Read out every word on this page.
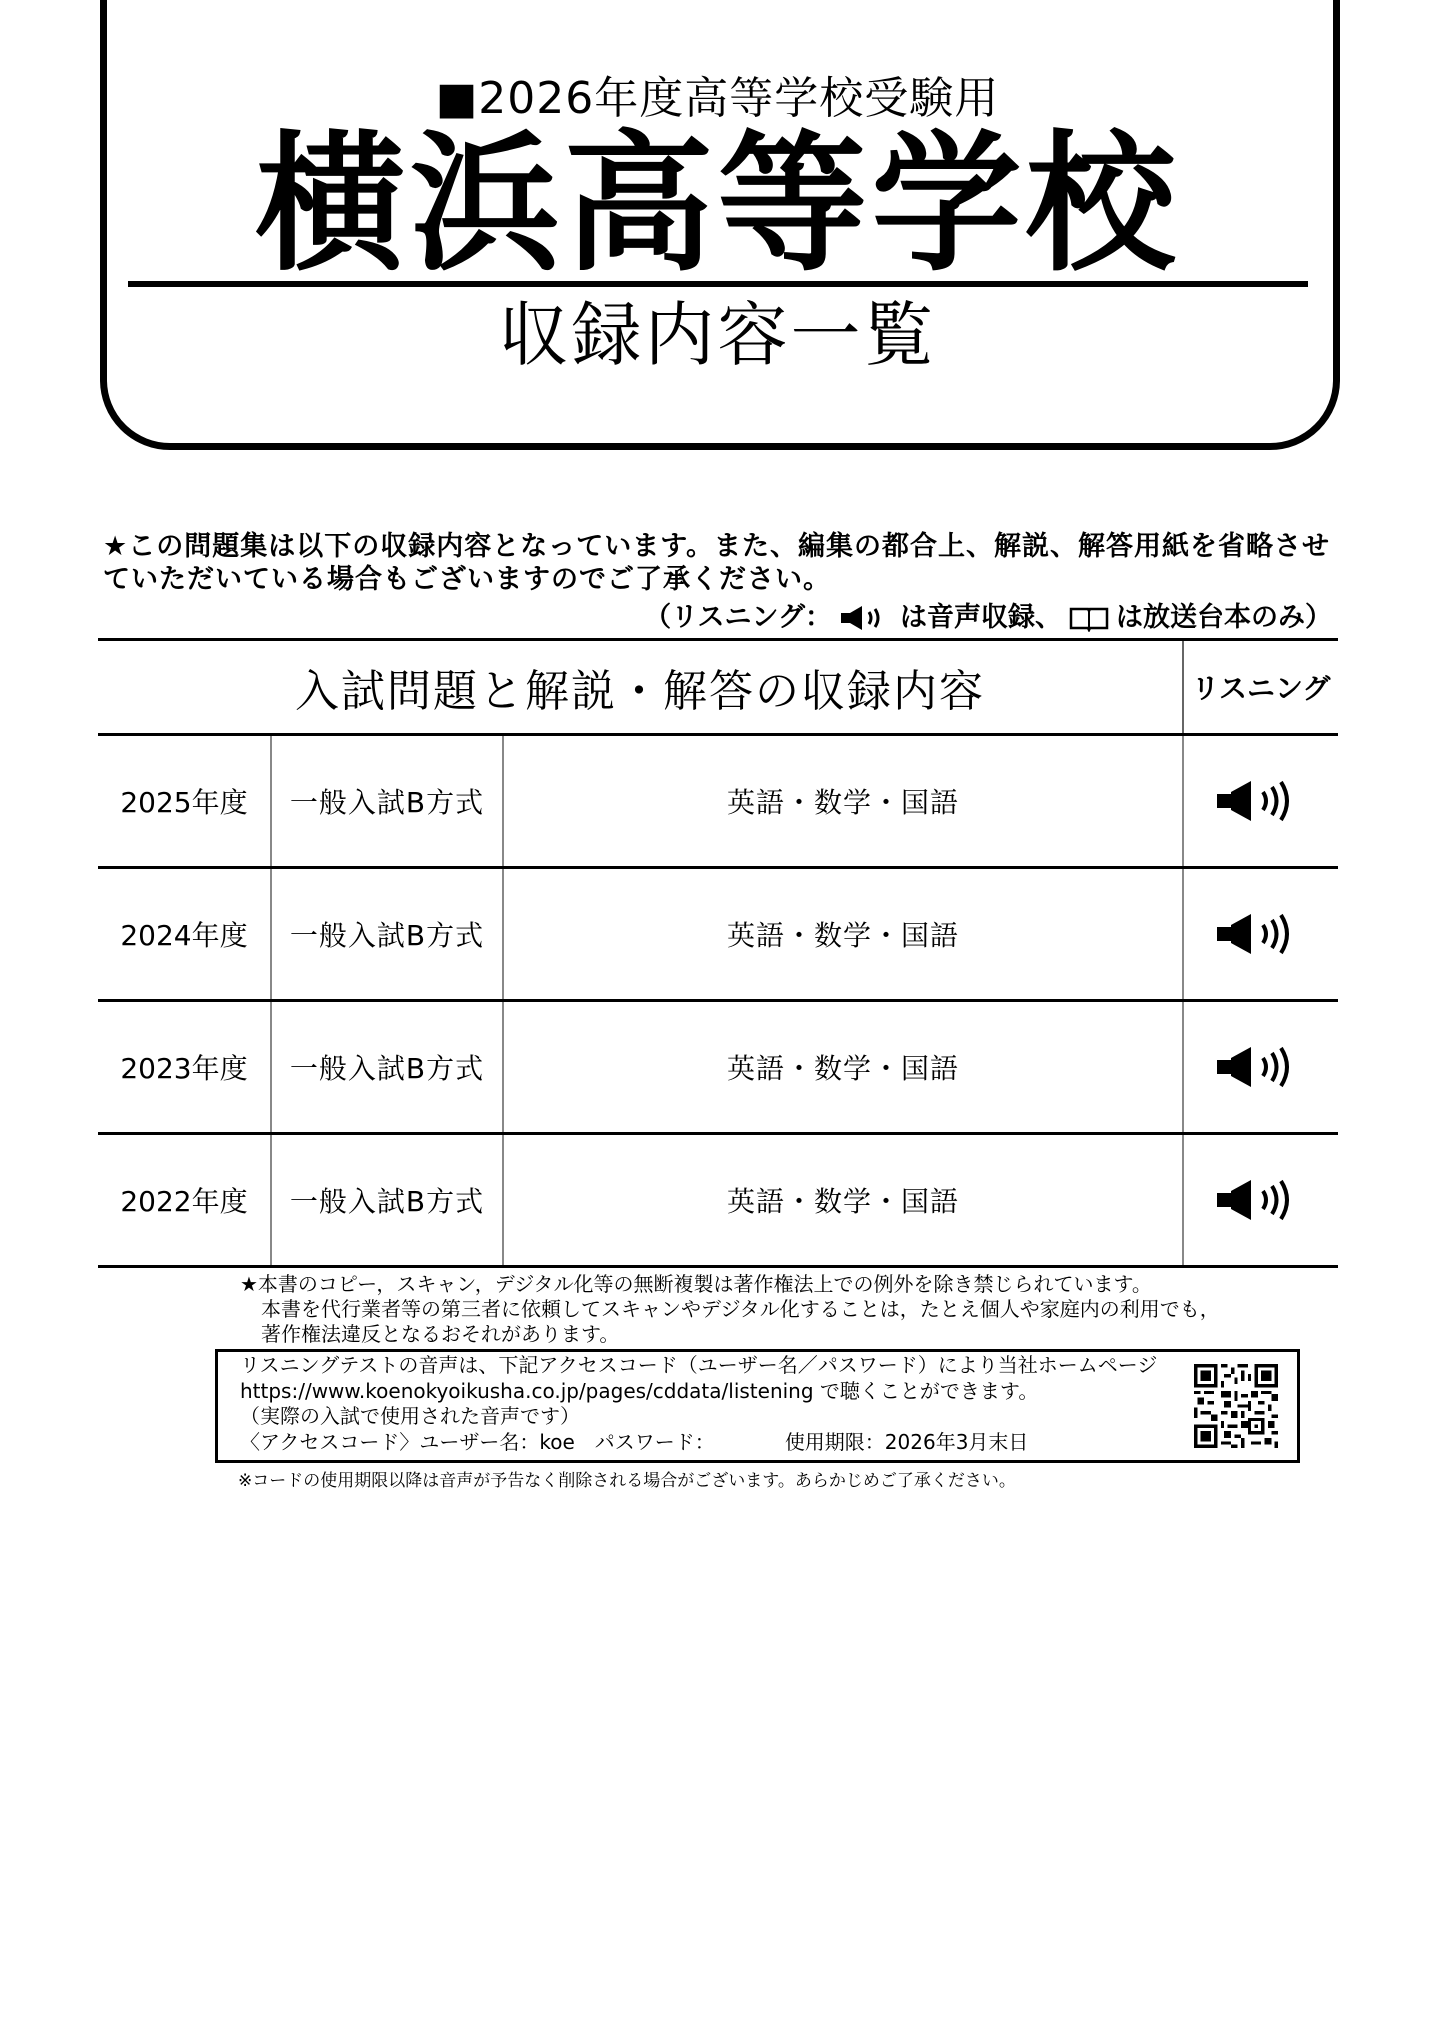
■2026年度高等学校受験用
横浜高等学校
収録内容一覧
★この問題集は以下の収録内容となっています。また、編集の都合上、解説、解答用紙を省略させていただいている場合もございますのでご了承ください。
（リスニング：	は音声収録、 は放送台本のみ）
入試問題と解説・解答の収録内容	リスニング
2025年度	一般入試B方式	英語・数学・国語
2024年度	一般入試B方式	英語・数学・国語
2023年度	一般入試B方式	英語・数学・国語
2022年度	一般入試B方式	英語・数学・国語
★本書のコピー，スキャン，デジタル化等の無断複製は著作権法上での例外を除き禁じられています。
本書を代行業者等の第三者に依頼してスキャンやデジタル化することは，たとえ個人や家庭内の利用でも，
著作権法違反となるおそれがあります。
リスニングテストの音声は、下記アクセスコード（ユーザー名／パスワード）により当社ホームページ
https://www.koenokyoikusha.co.jp/pages/cddata/listening で聴くことができます。
（実際の入試で使用された音声です）
〈アクセスコード〉ユーザー名：koe　パスワード：	使用期限：2026年3月末日
※コードの使用期限以降は音声が予告なく削除される場合がございます。あらかじめご了承ください。
